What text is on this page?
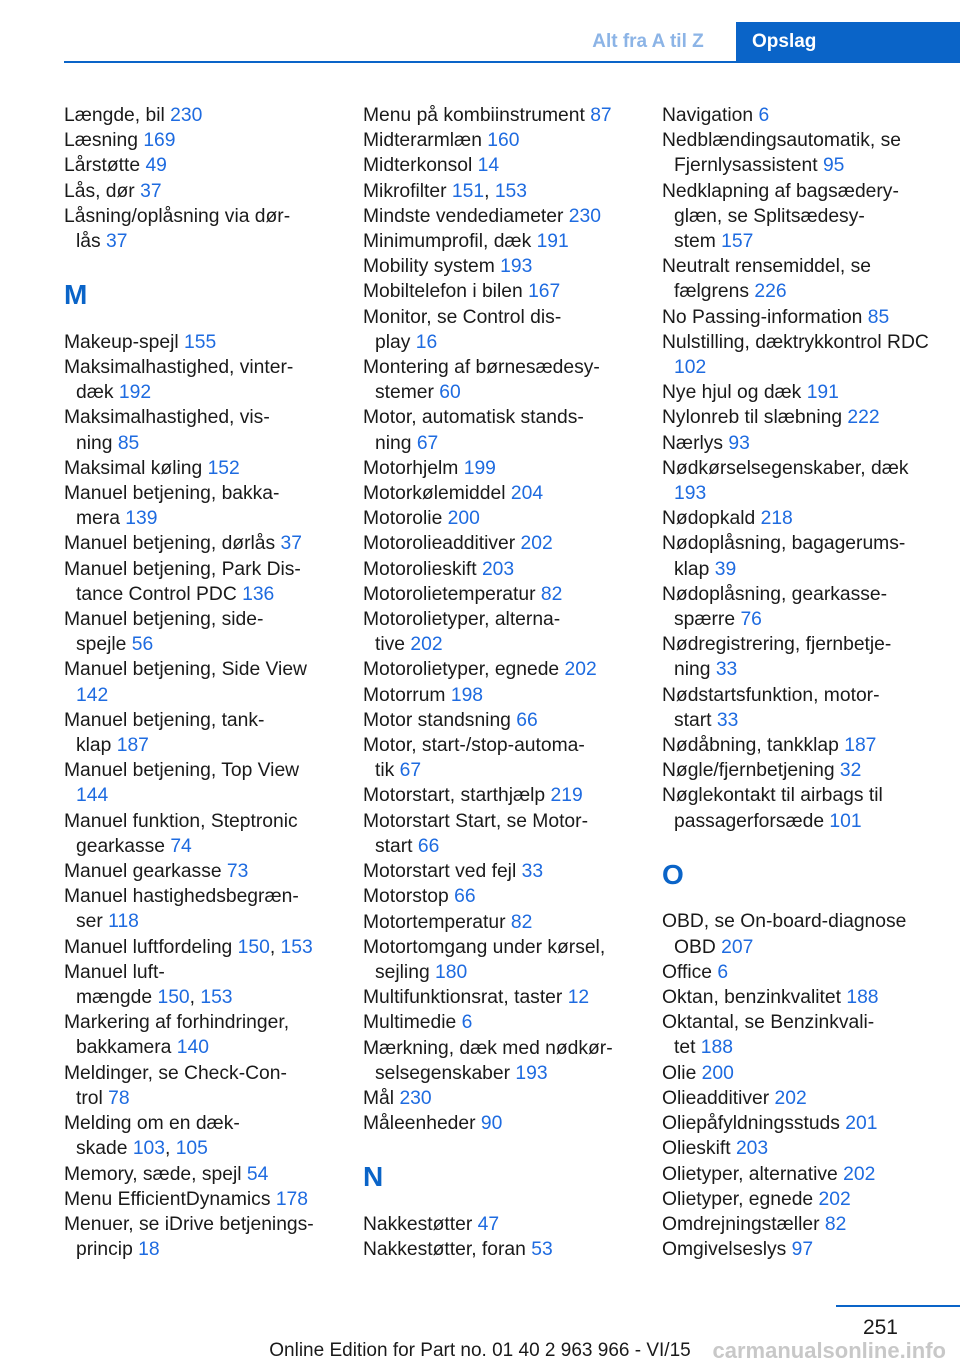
Alt fra A til Z	Opslag
Længde, bil 230
Læsning 169
Lårstøtte 49
Lås, dør 37
Låsning/oplåsning via dør-
lås 37
M
Makeup-spejl 155
Maksimalhastighed, vinter-
dæk 192
Maksimalhastighed, vis-
ning 85
Maksimal køling 152
Manuel betjening, bakka-
mera 139
Manuel betjening, dørlås 37
Manuel betjening, Park Dis-
tance Control PDC 136
Manuel betjening, side-
spejle 56
Manuel betjening, Side View 142
Manuel betjening, tank-
klap 187
Manuel betjening, Top View 144
Manuel funktion, Steptronic gearkasse 74
Manuel gearkasse 73
Manuel hastighedsbegræn-
ser 118
Manuel luftfordeling 150, 153
Manuel luft-
mængde 150, 153
Markering af forhindringer, bakkamera 140
Meldinger, se Check-Con-
trol 78
Melding om en dæk-
skade 103, 105
Memory, sæde, spejl 54
Menu EfficientDynamics 178
Menuer, se iDrive betjenings-
princip 18
Menu på kombiinstrument 87
Midterarmlæn 160
Midterkonsol 14
Mikrofilter 151, 153
Mindste vendediameter 230
Minimumprofil, dæk 191
Mobility system 193
Mobiltelefon i bilen 167
Monitor, se Control dis-
play 16
Montering af børnesædesy-
stemer 60
Motor, automatisk stands-
ning 67
Motorhjelm 199
Motorkølemiddel 204
Motorolie 200
Motorolieadditiver 202
Motorolieskift 203
Motorolietemperatur 82
Motorolietyper, alterna-
tive 202
Motorolietyper, egnede 202
Motorrum 198
Motor standsning 66
Motor, start-/stop-automa-
tik 67
Motorstart, starthjælp 219
Motorstart Start, se Motor-
start 66
Motorstart ved fejl 33
Motorstop 66
Motortemperatur 82
Motortomgang under kørsel, sejling 180
Multifunktionsrat, taster 12
Multimedie 6
Mærkning, dæk med nødkør-
selsegenskaber 193
Mål 230
Måleenheder 90
N
Nakkestøtter 47
Nakkestøtter, foran 53
Navigation 6
Nedblændingsautomatik, se Fjernlysassistent 95
Nedklapning af bagsædery-
glæn, se Splitsædesy-
stem 157
Neutralt rensemiddel, se fælgrens 226
No Passing-information 85
Nulstilling, dæktrykkontrol RDC 102
Nye hjul og dæk 191
Nylonreb til slæbning 222
Nærlys 93
Nødkørselsegenskaber, dæk 193
Nødopkald 218
Nødoplåsning, bagagerums-
klap 39
Nødoplåsning, gearkasse-
spærre 76
Nødregistrering, fjernbetje-
ning 33
Nødstartsfunktion, motor-
start 33
Nødåbning, tankklap 187
Nøgle/fjernbetjening 32
Nøglekontakt til airbags til passagerforsæde 101
O
OBD, se On-board-diagnose OBD 207
Office 6
Oktan, benzinkvalitet 188
Oktantal, se Benzinkvali-
tet 188
Olie 200
Olieadditiver 202
Oliepåfyldningsstuds 201
Olieskift 203
Olietyper, alternative 202
Olietyper, egnede 202
Omdrejningstæller 82
Omgivelseslys 97
251
Online Edition for Part no. 01 40 2 963 966 - VI/15 carmanualsonline.info
